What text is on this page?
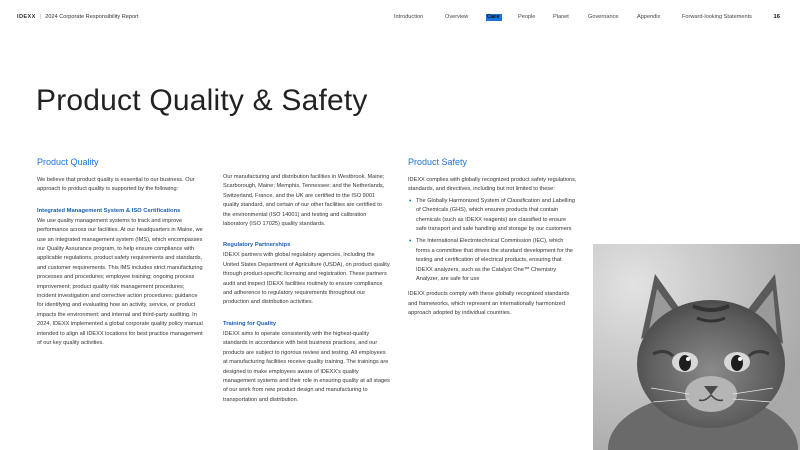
IDEXX | 2024 Corporate Responsibility Report	Introduction	Overview	Care	People	Planet	Governance	Appendix	Forward-looking Statements	16
Product Quality & Safety
Product Quality

We believe that product quality is essential to our business. Our approach to product quality is supported by the following:

Integrated Management System & ISO Certifications

We use quality management systems to track and improve performance across our facilities. At our headquarters in Maine, we use an integrated management system (IMS), which encompasses our Quality Assurance program, to help ensure compliance with applicable regulations, product safety requirements and standards, and customer requirements. This IMS includes strict manufacturing processes and procedures; employee training; ongoing process improvement; product quality risk management procedures; incident investigation and corrective action procedures; guidance for identifying and evaluating how an activity, service, or product impacts the environment; and internal and third-party auditing. In 2024, IDEXX implemented a global corporate quality policy manual intended to align all IDEXX locations for best practice management of our key quality activities.

Our manufacturing and distribution facilities in Westbrook, Maine; Scarborough, Maine; Memphis, Tennessee; and the Netherlands, Switzerland, France, and the UK are certified to the ISO 9001 quality standard, and certain of our other facilities are certified to the environmental (ISO 14001) and testing and calibration laboratory (ISO 17025) quality standards.

Regulatory Partnerships

IDEXX partners with global regulatory agencies, including the United States Department of Agriculture (USDA), on product quality through product-specific licensing and registration. These partners audit and inspect IDEXX facilities routinely to ensure compliance and adherence to regulatory requirements throughout our production and distribution activities.

Training for Quality

IDEXX aims to operate consistently with the highest-quality standards in accordance with best business practices, and our products are subject to rigorous review and testing. All employees at manufacturing facilities receive quality training. The trainings are designed to make employees aware of IDEXX's quality management systems and their role in ensuring quality at all stages of our work from new product design and manufacturing to transportation and distribution.

Product Safety

IDEXX complies with globally recognized product safety regulations, standards, and directives, including but not limited to these:

• The Globally Harmonized System of Classification and Labelling of Chemicals (GHS), which ensures products that contain chemicals (such as IDEXX reagents) are classified to ensure safe transport and safe handling and storage by our customers
• The International Electrotechnical Commission (IEC), which forms a committee that drives the standard development for the testing and certification of electrical products, ensuring that IDEXX analyzers, such as the Catalyst One™ Chemistry Analyzer, are safe for use

IDEXX products comply with these globally recognized standards and frameworks, which represent an internationally harmonized approach adopted by individual countries.
